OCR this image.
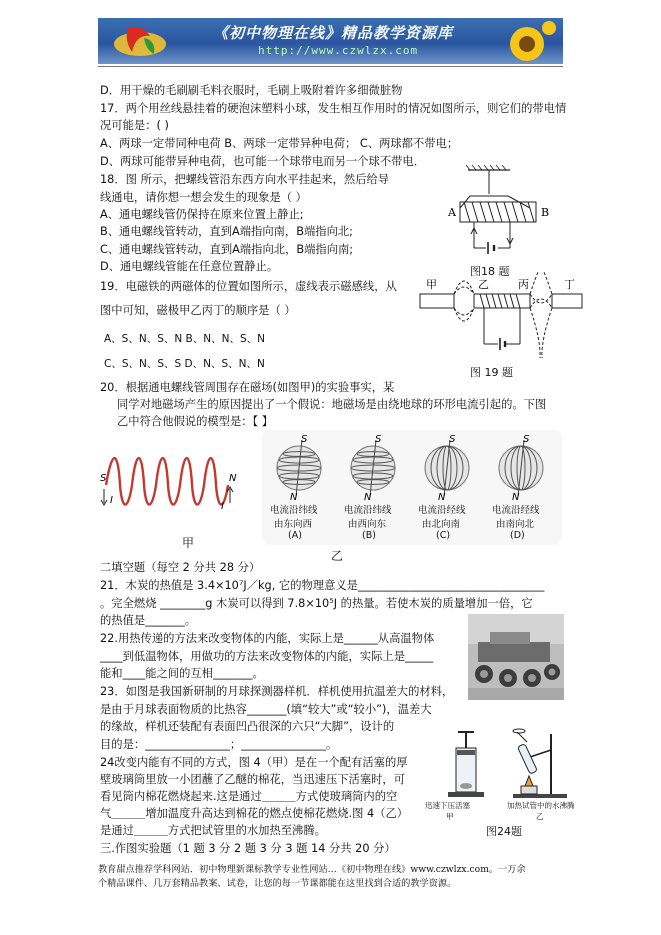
《初中物理在线》精品教学资源库
http://www.czwlzx.com
D．用干燥的毛刷刷毛料衣服时，毛刷上吸附着许多细微脏物
17．两个用丝线悬挂着的硬泡沫塑料小球，发生相互作用时的情况如图所示，则它们的带电情
况可能是：( )
A、两球一定带同种电荷 B、两球一定带异种电荷； C、两球都不带电；
D、两球可能带异种电荷，也可能一个球带电而另一个球不带电．
18．图 所示，把螺线管沿东西方向水平挂起来，然后给导
线通电，请你想一想会发生的现象是（ ）
A、通电螺线管仍保持在原来位置上静止;
B、通电螺线管转动，直到A端指向南，B端指向北;
C、通电螺线管转动，直到A端指向北，B端指向南;
D、通电螺线管能在任意位置静止。
19．电磁铁的两磁体的位置如图所示，虚线表示磁感线，从
图中可知，磁极甲乙丙丁的顺序是（ ）
A、S、N、S、N B、N、N、S、N
C、S、N、S、S D、N、S、N、N
20．根据通电螺线管周围存在磁场(如图甲)的实验事实，某
同学对地磁场产生的原因提出了一个假说：地磁场是由绕地球的环形电流引起的。下图
乙中符合他假说的模型是：【 】
二填空题（每空 2 分共 28 分）
21．木炭的热值是 3.4×10⁷J／kg, 它的物理意义是_________________________________
。完全燃烧 ________g 木炭可以得到 7.8×10⁵J 的热量。若使木炭的质量增加一倍，它
的热值是_______。
22.用热传递的方法来改变物体的内能，实际上是______从高温物体
____到低温物体，用做功的方法来改变物体的内能，实际上是_____
能和____能之间的互相_______。
23．如图是我国新研制的月球探测器样机．样机使用抗温差大的材料，
是由于月球表面物质的比热容_______(填“较大”或“较小”)，温差大
的缘故，样机还装配有表面凹凸很深的六只“大脚”，设计的
目的是：_______________；_______________。
24改变内能有不同的方式，图 4（甲）是在一个配有活塞的厚
壁玻璃筒里放一小团蘸了乙醚的棉花，当迅速压下活塞时，可
看见筒内棉花燃烧起来.这是通过＿＿＿方式使玻璃筒内的空
气＿＿＿增加温度升高达到棉花的燃点使棉花燃烧.图 4（乙）
是通过＿＿＿方式把试管里的水加热至沸腾。
三.作图实验题（1 题 3 分 2 题 3 分 3 题 14 分共 20 分）
A	B
图18 题
甲	乙	丙	丁
图 19 题
I
S	N
I
甲
乙
S
N
电流沿纬线
由东向西
(A)
S
N
电流沿纬线
由西向东
(B)
S
N
电流沿经线
由北向南
(C)
S
N
电流沿经线
由南向北
(D)
迅速下压活塞
甲
加热试管中的水沸腾
乙
图24题
教育甜点推荐学科网站．初中物理新课标教学专业性网站…《初中物理在线》www.czwlzx.com。一万余
个精品课件、几万套精品教案、试卷，让您的每一节课都能在这里找到合适的教学资源。
